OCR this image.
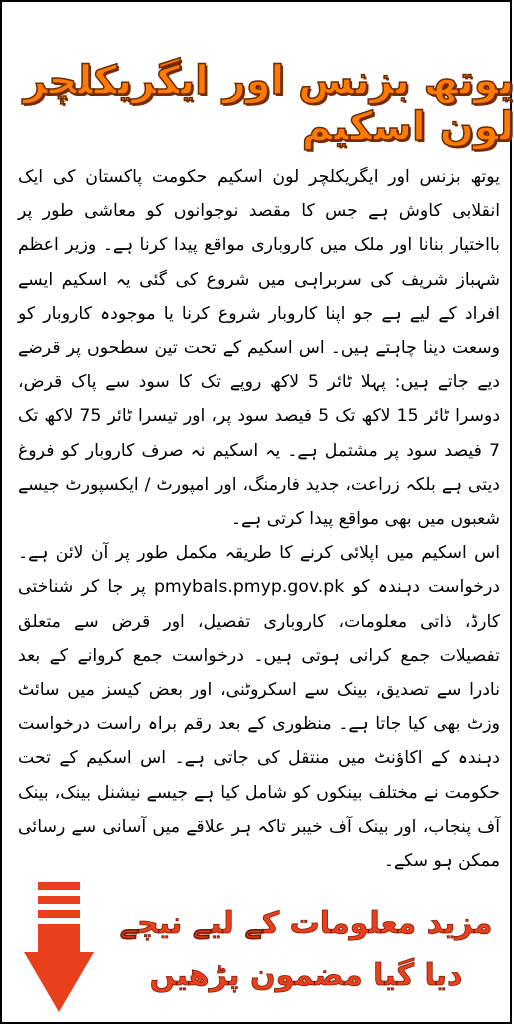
یوتھ بزنس اور ایگریکلچر لون اسکیم

یوتھ بزنس اور ایگریکلچر لون اسکیم حکومت پاکستان کی ایک انقلابی کاوش ہے جس کا مقصد نوجوانوں کو معاشی طور پر بااختیار بنانا اور ملک میں کاروباری مواقع پیدا کرنا ہے۔ وزیر اعظم شہباز شریف کی سربراہی میں شروع کی گئی یہ اسکیم ایسے افراد کے لیے ہے جو اپنا کاروبار شروع کرنا یا موجودہ کاروبار کو وسعت دینا چاہتے ہیں۔ اس اسکیم کے تحت تین سطحوں پر قرضے دیے جاتے ہیں: پہلا ٹائر 5 لاکھ روپے تک کا سود سے پاک قرض، دوسرا ٹائر 15 لاکھ تک 5 فیصد سود پر، اور تیسرا ٹائر 75 لاکھ تک 7 فیصد سود پر مشتمل ہے۔ یہ اسکیم نہ صرف کاروبار کو فروغ دیتی ہے بلکہ زراعت، جدید فارمنگ، اور امپورٹ / ایکسپورٹ جیسے شعبوں میں بھی مواقع پیدا کرتی ہے۔

اس اسکیم میں اپلائی کرنے کا طریقہ مکمل طور پر آن لائن ہے۔ درخواست دہندہ کو pmybals.pmyp.gov.pk پر جا کر شناختی کارڈ، ذاتی معلومات، کاروباری تفصیل، اور قرض سے متعلق تفصیلات جمع کرانی ہوتی ہیں۔ درخواست جمع کروانے کے بعد نادرا سے تصدیق، بینک سے اسکروٹنی، اور بعض کیسز میں سائٹ وزٹ بھی کیا جاتا ہے۔ منظوری کے بعد رقم براہ راست درخواست دہندہ کے اکاؤنٹ میں منتقل کی جاتی ہے۔ اس اسکیم کے تحت حکومت نے مختلف بینکوں کو شامل کیا ہے جیسے نیشنل بینک، بینک آف پنجاب، اور بینک آف خیبر تاکہ ہر علاقے میں آسانی سے رسائی ممکن ہو سکے۔

مزید معلومات کے لیے نیچے
دیا گیا مضمون پڑھیں
